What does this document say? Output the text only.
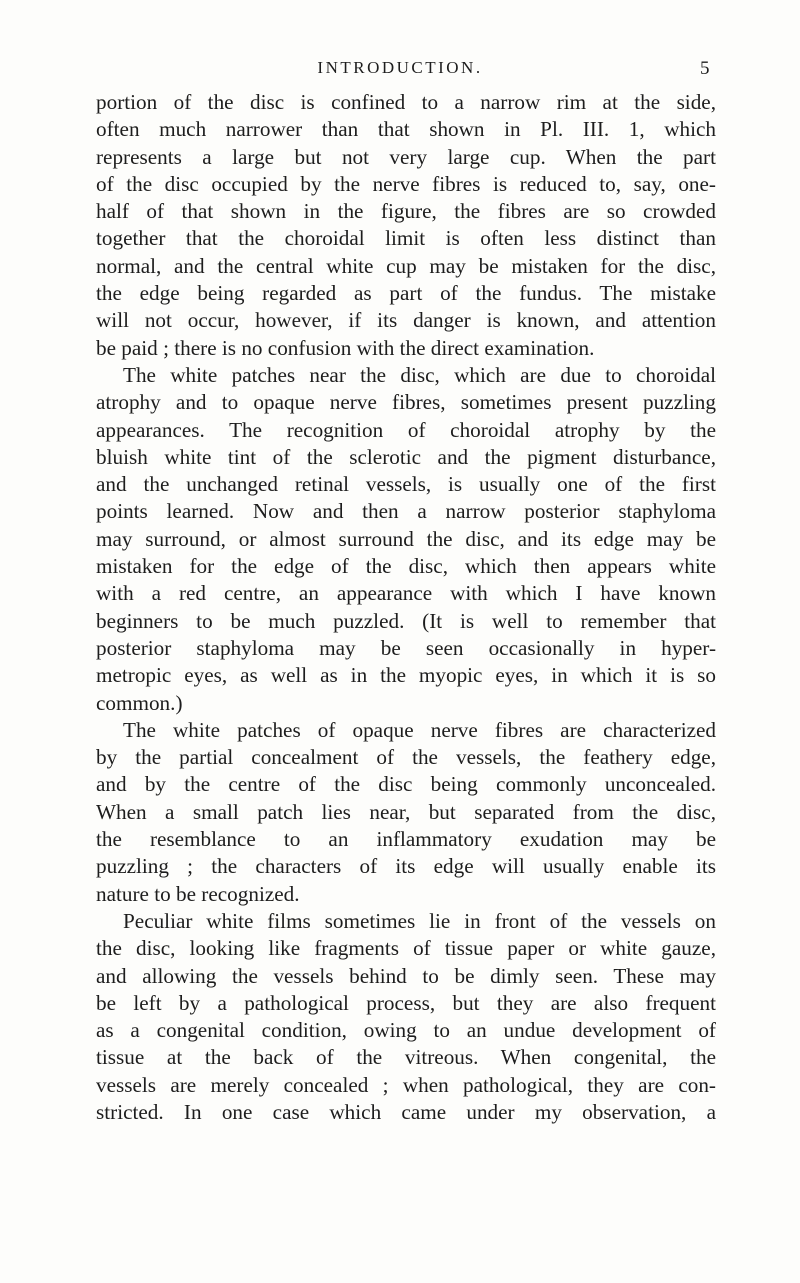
INTRODUCTION.	5
portion of the disc is confined to a narrow rim at the side,
often much narrower than that shown in Pl. III. 1, which
represents a large but not very large cup. When the part
of the disc occupied by the nerve fibres is reduced to, say, one-
half of that shown in the figure, the fibres are so crowded
together that the choroidal limit is often less distinct than
normal, and the central white cup may be mistaken for the disc,
the edge being regarded as part of the fundus. The mistake
will not occur, however, if its danger is known, and attention
be paid ; there is no confusion with the direct examination.
The white patches near the disc, which are due to choroidal
atrophy and to opaque nerve fibres, sometimes present puzzling
appearances. The recognition of choroidal atrophy by the
bluish white tint of the sclerotic and the pigment disturbance,
and the unchanged retinal vessels, is usually one of the first
points learned. Now and then a narrow posterior staphyloma
may surround, or almost surround the disc, and its edge may be
mistaken for the edge of the disc, which then appears white
with a red centre, an appearance with which I have known
beginners to be much puzzled. (It is well to remember that
posterior staphyloma may be seen occasionally in hyper-
metropic eyes, as well as in the myopic eyes, in which it is so
common.)
The white patches of opaque nerve fibres are characterized
by the partial concealment of the vessels, the feathery edge,
and by the centre of the disc being commonly unconcealed.
When a small patch lies near, but separated from the disc,
the resemblance to an inflammatory exudation may be
puzzling ; the characters of its edge will usually enable its
nature to be recognized.
Peculiar white films sometimes lie in front of the vessels on
the disc, looking like fragments of tissue paper or white gauze,
and allowing the vessels behind to be dimly seen. These may
be left by a pathological process, but they are also frequent
as a congenital condition, owing to an undue development of
tissue at the back of the vitreous. When congenital, the
vessels are merely concealed ; when pathological, they are con-
stricted. In one case which came under my observation, a
